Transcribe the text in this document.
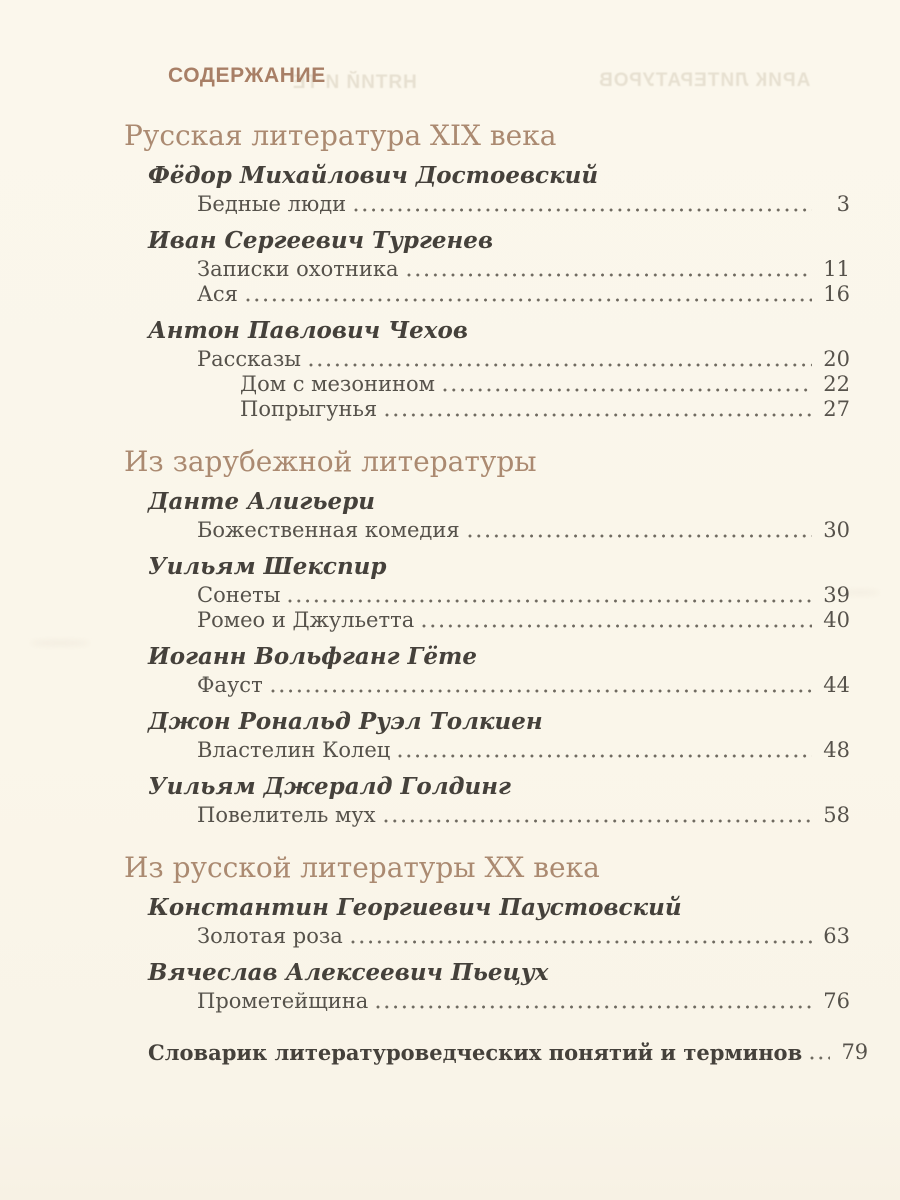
НЯТИЙ И ТЕ	АРИК ЛИТЕРАТУРОВ
СОДЕРЖАНИЕ
Русская литература XIX века
Фёдор Михайлович Достоевский
Бедные люди	3
Иван Сергеевич Тургенев
Записки охотника	11
Ася	16
Антон Павлович Чехов
Рассказы	20
Дом с мезонином	22
Попрыгунья	27
Из зарубежной литературы
Данте Алигьери
Божественная комедия	30
Уильям Шекспир
Сонеты	39
Ромео и Джульетта	40
Иоганн Вольфганг Гёте
Фауст	44
Джон Рональд Руэл Толкиен
Властелин Колец	48
Уильям Джералд Голдинг
Повелитель мух	58
Из русской литературы XX века
Константин Георгиевич Паустовский
Золотая роза	63
Вячеслав Алексеевич Пьецух
Прометейщина	76
Словарик литературоведческих понятий и терминов 79
